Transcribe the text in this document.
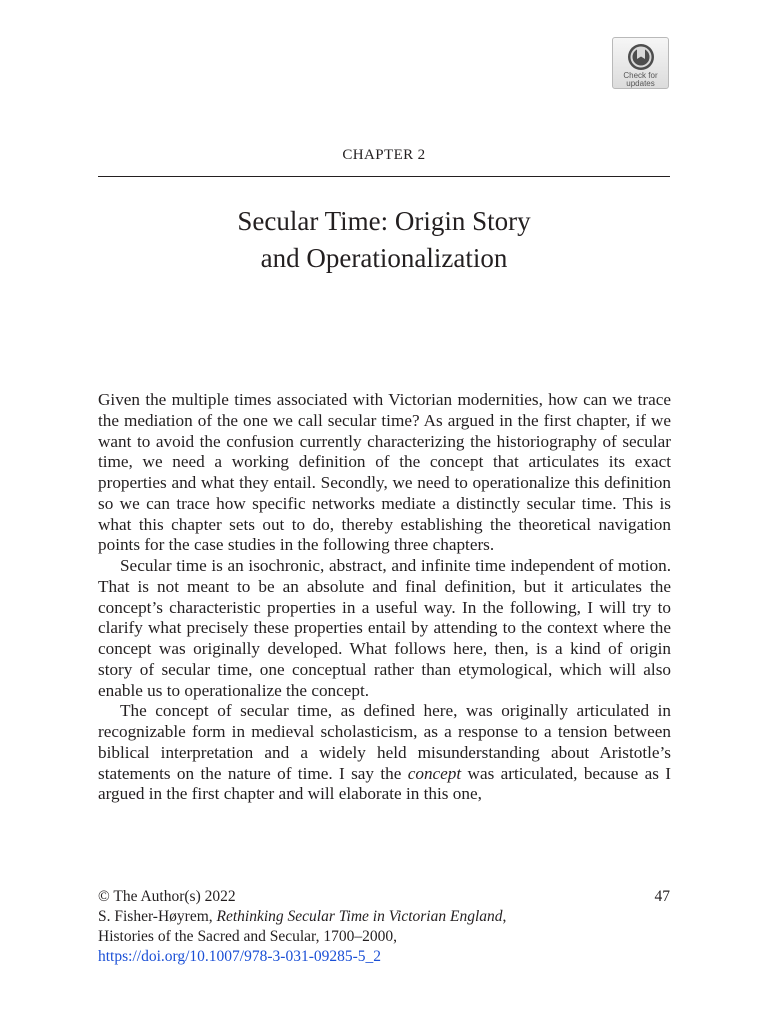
Check for
updates
CHAPTER 2
Secular Time: Origin Story
and Operationalization

Given the multiple times associated with Victorian modernities, how can we trace the mediation of the one we call secular time? As argued in the first chapter, if we want to avoid the confusion currently characterizing the historiography of secular time, we need a working definition of the concept that articulates its exact properties and what they entail. Secondly, we need to operationalize this definition so we can trace how specific networks mediate a distinctly secular time. This is what this chapter sets out to do, thereby establishing the theoretical navigation points for the case studies in the following three chapters.

Secular time is an isochronic, abstract, and infinite time independent of motion. That is not meant to be an absolute and final definition, but it articulates the concept’s characteristic properties in a useful way. In the following, I will try to clarify what precisely these properties entail by attending to the context where the concept was originally developed. What follows here, then, is a kind of origin story of secular time, one conceptual rather than etymological, which will also enable us to operationalize the concept.

The concept of secular time, as defined here, was originally articulated in recognizable form in medieval scholasticism, as a response to a tension between biblical interpretation and a widely held misunderstanding about Aristotle’s statements on the nature of time. I say the concept was articulated, because as I argued in the first chapter and will elaborate in this one,

© The Author(s) 2022	47
S. Fisher-Høyrem, Rethinking Secular Time in Victorian England,
Histories of the Sacred and Secular, 1700–2000,
https://doi.org/10.1007/978-3-031-09285-5_2
